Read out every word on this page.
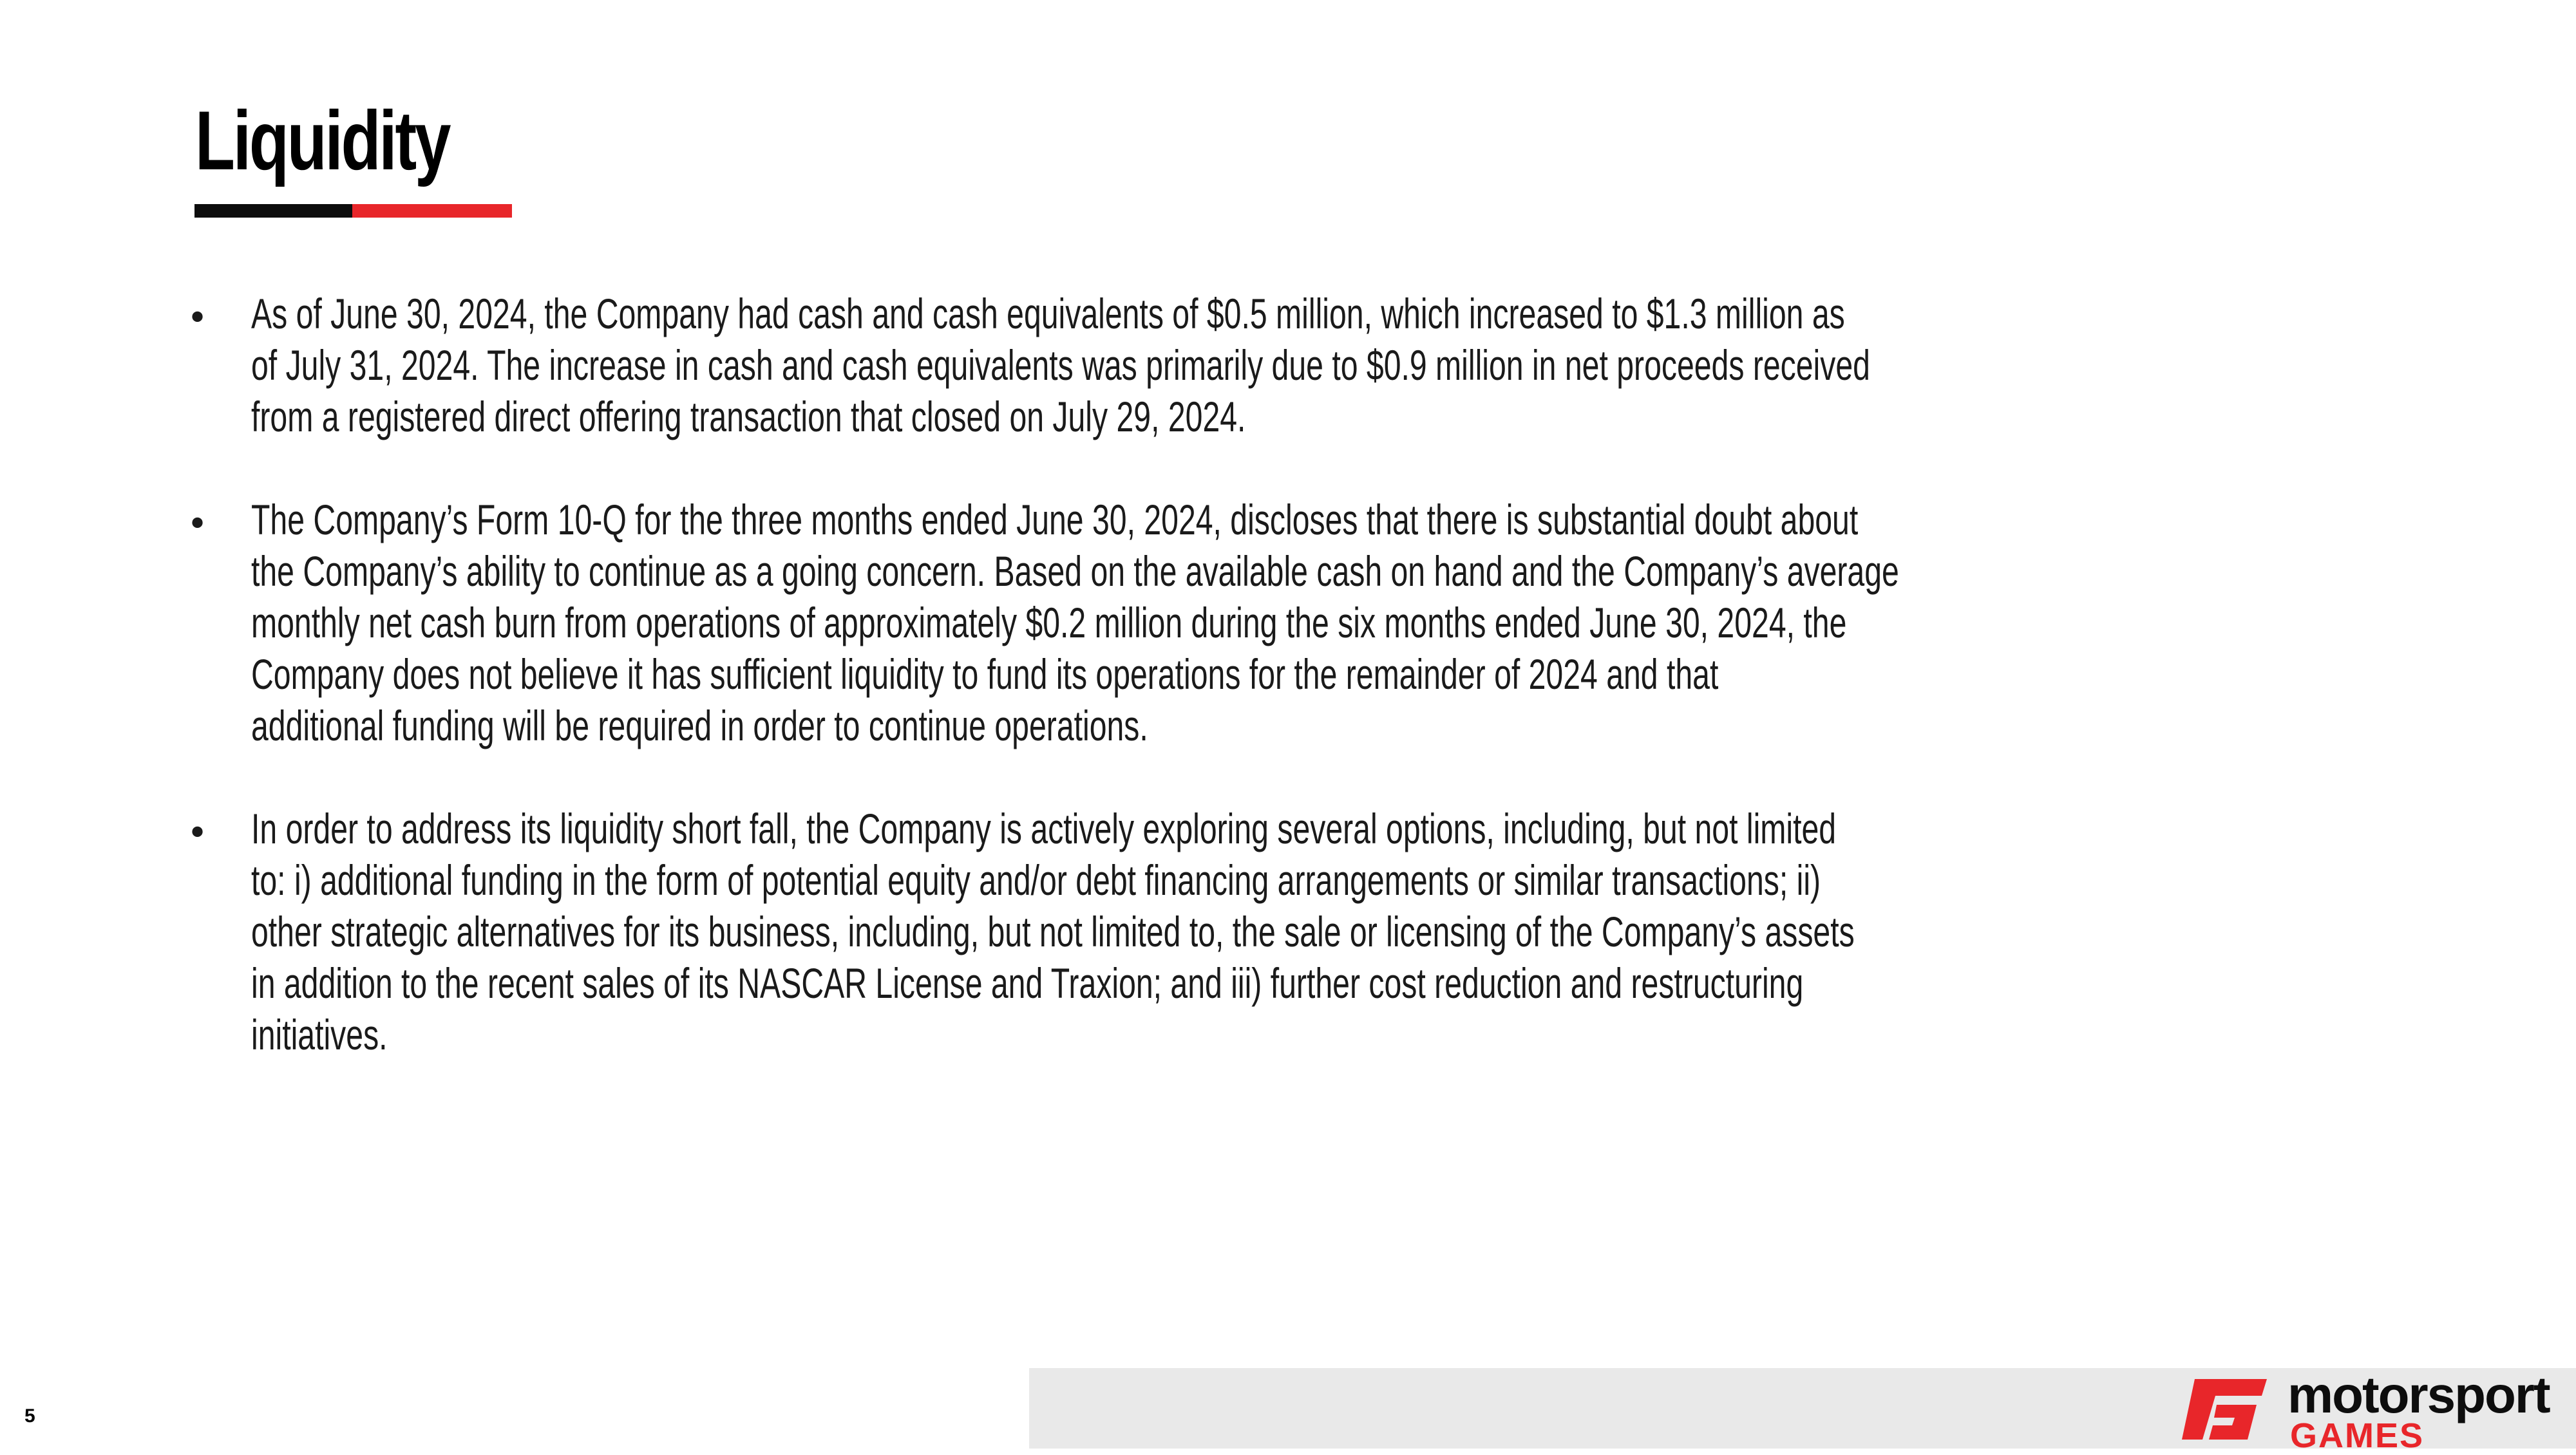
Liquidity
• As of June 30, 2024, the Company had cash and cash equivalents of $0.5 million, which increased to $1.3 million as
of July 31, 2024. The increase in cash and cash equivalents was primarily due to $0.9 million in net proceeds received
from a registered direct offering transaction that closed on July 29, 2024.
• The Company’s Form 10-Q for the three months ended June 30, 2024, discloses that there is substantial doubt about
the Company’s ability to continue as a going concern. Based on the available cash on hand and the Company’s average
monthly net cash burn from operations of approximately $0.2 million during the six months ended June 30, 2024, the
Company does not believe it has sufficient liquidity to fund its operations for the remainder of 2024 and that
additional funding will be required in order to continue operations.
• In order to address its liquidity short fall, the Company is actively exploring several options, including, but not limited
to: i) additional funding in the form of potential equity and/or debt financing arrangements or similar transactions; ii)
other strategic alternatives for its business, including, but not limited to, the sale or licensing of the Company’s assets
in addition to the recent sales of its NASCAR License and Traxion; and iii) further cost reduction and restructuring
initiatives.
5	motorsport
GAMES
